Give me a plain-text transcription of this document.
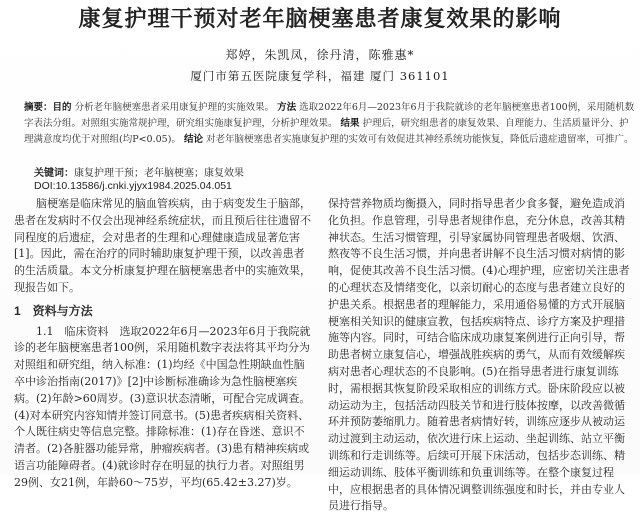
康复护理干预对老年脑梗塞患者康复效果的影响
郑婷，朱凯凤，徐丹清，陈雅惠*
厦门市第五医院康复学科，福建 厦门 361101
摘要：目的 分析老年脑梗塞患者采用康复护理的实施效果。 方法 选取2022年6月—2023年6月于我院就诊的老年脑梗塞患者100例，采用随机数字表法分组。对照组实施常规护理，研究组实施康复护理，分析护理效果。 结果 护理后，研究组患者的康复效果、自理能力、生活质量评分、护理满意度均优于对照组(均P<0.05)。 结论 对老年脑梗塞患者实施康复护理的实效可有效促进其神经系统功能恢复，降低后遗症遗留率，可推广。
关键词：康复护理干预；老年脑梗塞；康复效果
DOI:10.13586/j.cnki.yjyx1984.2025.04.051

脑梗塞是临床常见的脑血管疾病，由于病变发生于脑部，患者在发病时不仅会出现神经系统症状，而且预后往往遗留不同程度的后遗症，会对患者的生理和心理健康造成显著危害[1]。因此，需在治疗的同时辅助康复护理干预，以改善患者的生活质量。本文分析康复护理在脑梗塞患者中的实施效果，现报告如下。

1　资料与方法

1.1　临床资料　选取2022年6月—2023年6月于我院就诊的老年脑梗塞患者100例，采用随机数字表法将其平均分为对照组和研究组，纳入标准：(1)均经《中国急性期缺血性脑卒中诊治指南(2017)》[2]中诊断标准确诊为急性脑梗塞疾病。(2)年龄>60周岁。(3)意识状态清晰，可配合完成调查。(4)对本研究内容知情并签订同意书。(5)患者疾病相关资料、个人既往病史等信息完整。排除标准：(1)存在昏迷、意识不清者。(2)各脏器功能异常，肿瘤疾病者。(3)患有精神疾病或语言功能障碍者。(4)就诊时存在明显的执行力者。对照组男29例、女21例，年龄60～75岁，平均(65.42±3.27)岁。

保持营养物质均衡摄入，同时指导患者少食多餐，避免造成消化负担。作息管理，引导患者规律作息，充分休息，改善其精神状态。生活习惯管理，引导家属协同管理患者吸烟、饮酒、熬夜等不良生活习惯，并向患者讲解不良生活习惯对病情的影响，促使其改善不良生活习惯。(4)心理护理，应密切关注患者的心理状态及情绪变化，以亲切耐心的态度与患者建立良好的护患关系。根据患者的理解能力，采用通俗易懂的方式开展脑梗塞相关知识的健康宣教，包括疾病特点、诊疗方案及护理措施等内容。同时，可结合临床成功康复案例进行正向引导，帮助患者树立康复信心，增强战胜疾病的勇气，从而有效缓解疾病对患者心理状态的不良影响。(5)在指导患者进行康复训练时，需根据其恢复阶段采取相应的训练方式。卧床阶段应以被动运动为主，包括活动四肢关节和进行肢体按摩，以改善微循环并预防萎缩肌力。随着患者病情好转，训练应逐步从被动运动过渡到主动运动，依次进行床上运动、坐起训练、站立平衡训练和行走训练等。后续可开展下床活动，包括步态训练、精细运动训练、肢体平衡训练和负重训练等。在整个康复过程中，应根据患者的具体情况调整训练强度和时长，并由专业人员进行指导。
